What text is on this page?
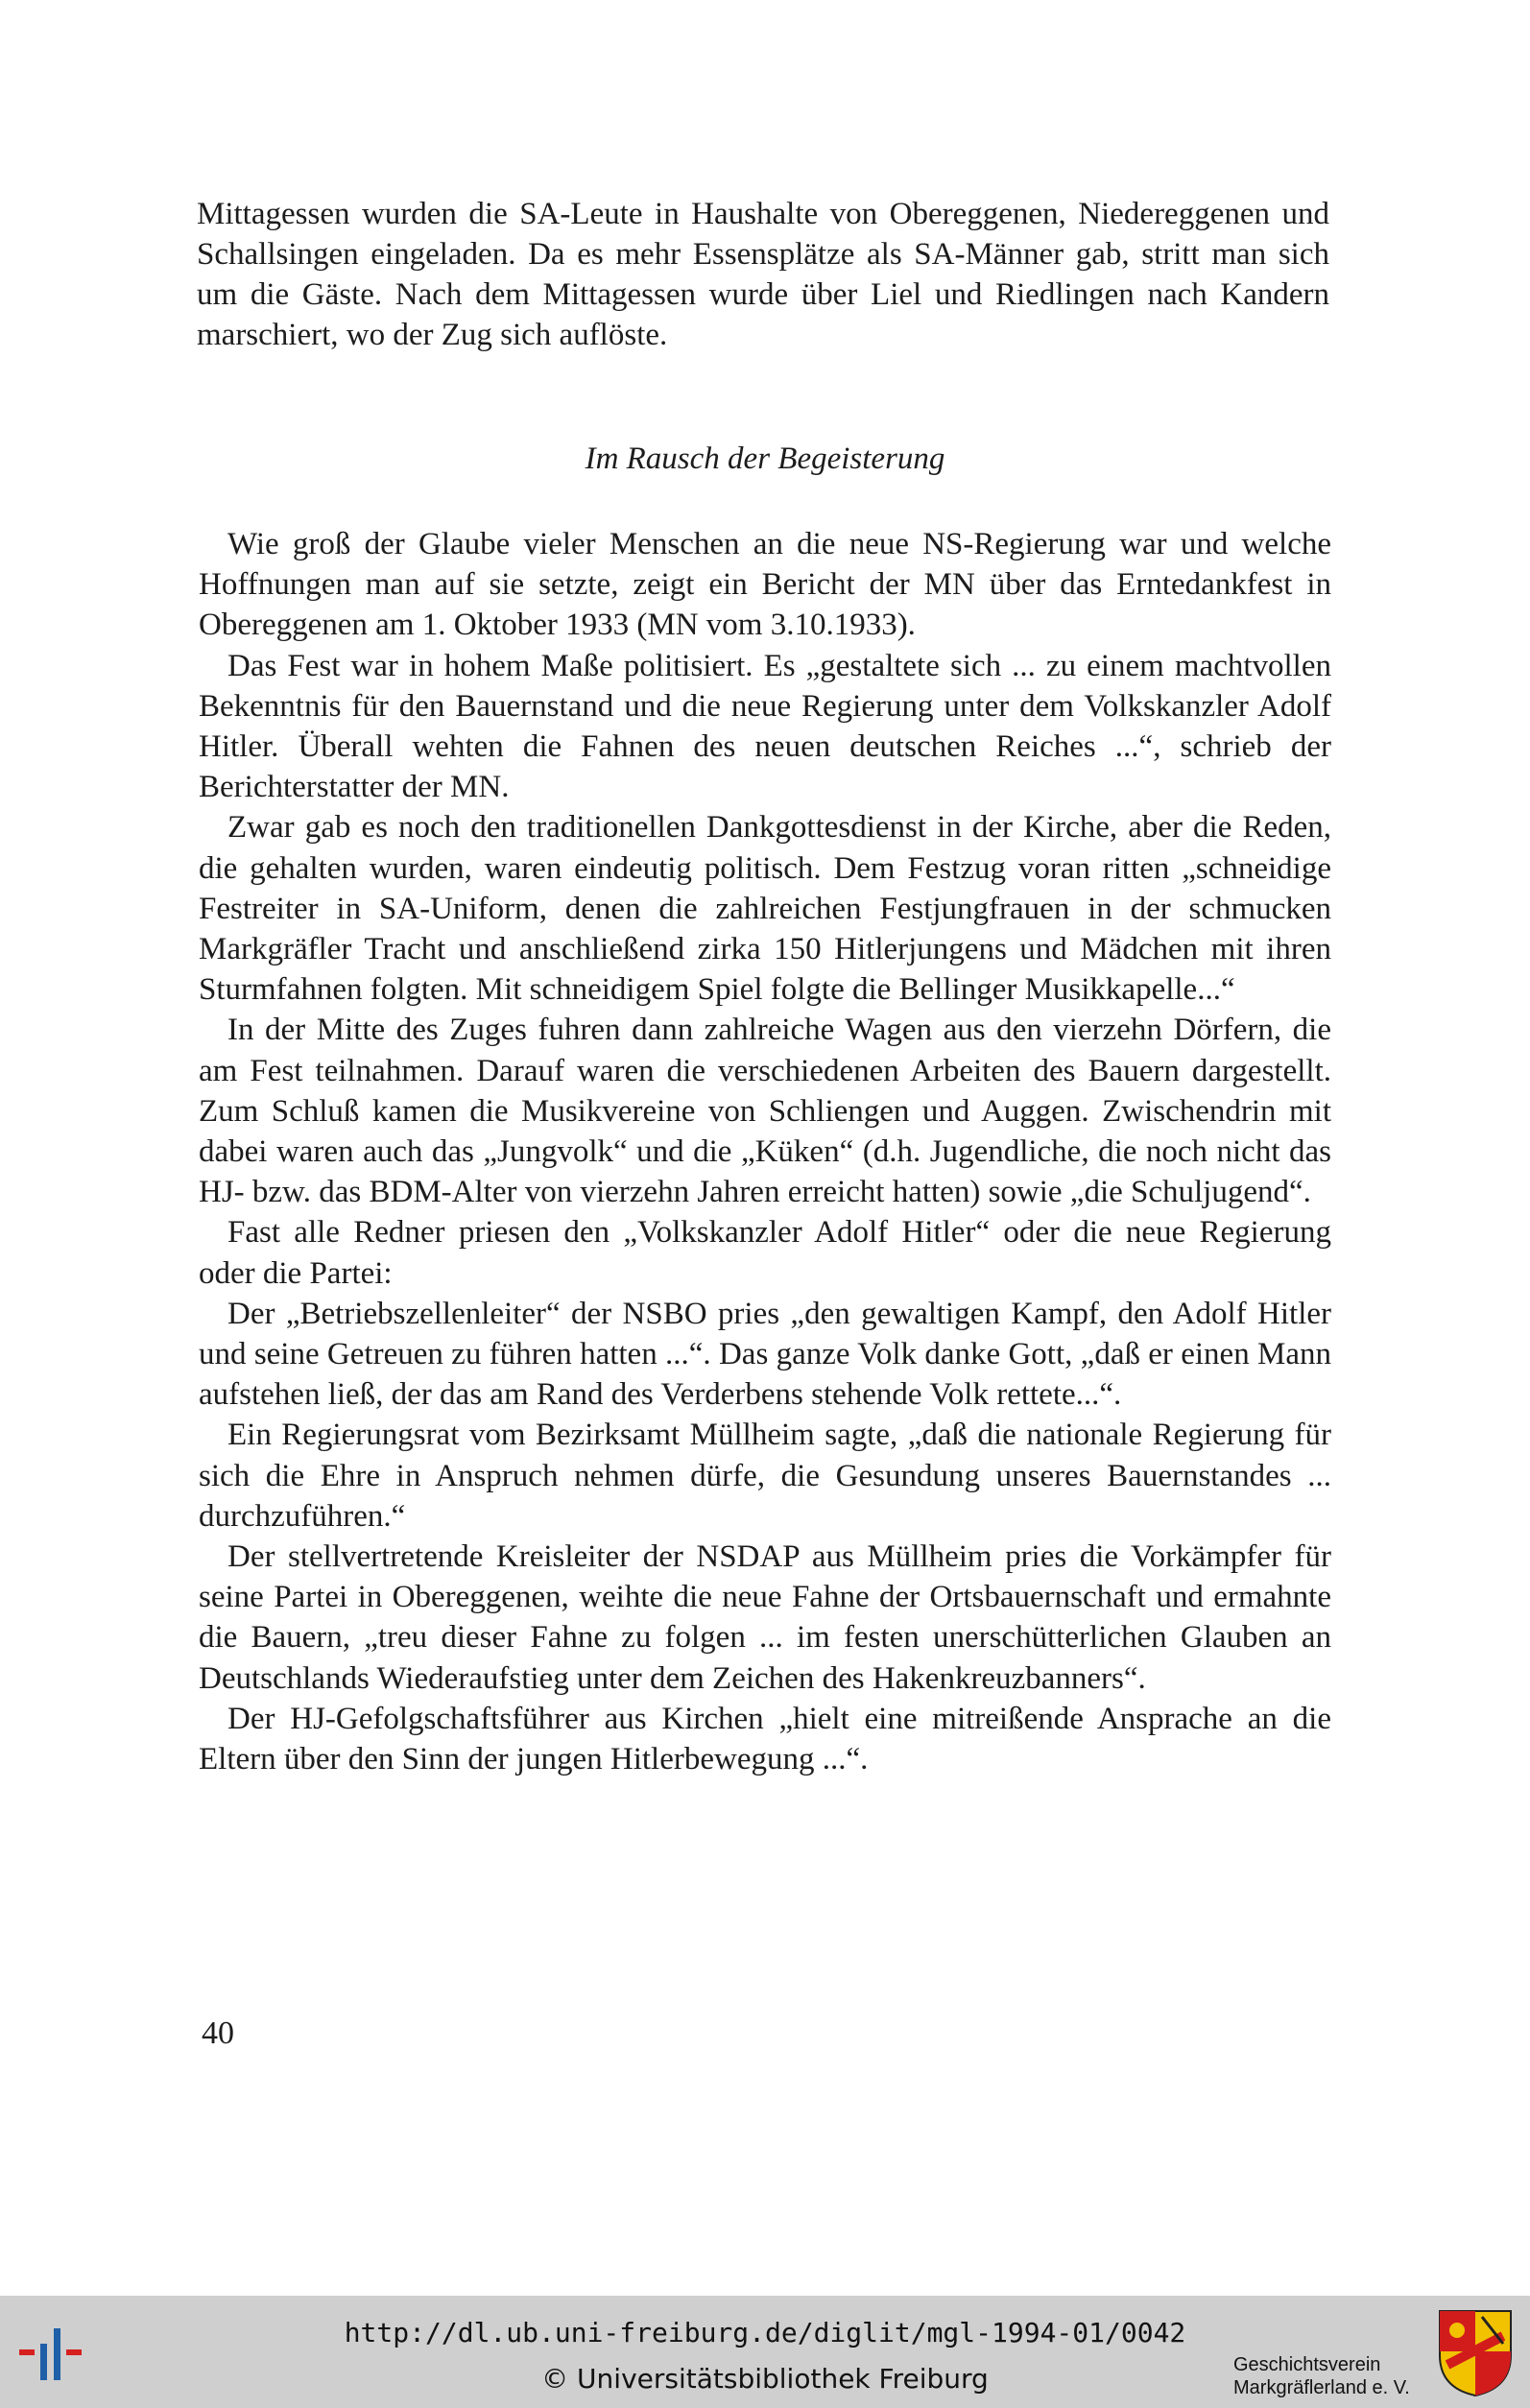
Mittagessen wurden die SA-Leute in Haushalte von Obereggenen, Niedereggenen und Schallsingen eingeladen. Da es mehr Essensplätze als SA-Männer gab, stritt man sich um die Gäste. Nach dem Mittagessen wurde über Liel und Riedlingen nach Kandern marschiert, wo der Zug sich auflöste.

Im Rausch der Begeisterung

Wie groß der Glaube vieler Menschen an die neue NS-Regierung war und welche Hoffnungen man auf sie setzte, zeigt ein Bericht der MN über das Erntedankfest in Obereggenen am 1. Oktober 1933 (MN vom 3.10.1933).

Das Fest war in hohem Maße politisiert. Es „gestaltete sich ... zu einem machtvollen Bekenntnis für den Bauernstand und die neue Regierung unter dem Volkskanzler Adolf Hitler. Überall wehten die Fahnen des neuen deutschen Reiches ...“, schrieb der Berichterstatter der MN.

Zwar gab es noch den traditionellen Dankgottesdienst in der Kirche, aber die Reden, die gehalten wurden, waren eindeutig politisch. Dem Festzug voran ritten „schneidige Festreiter in SA-Uniform, denen die zahlreichen Festjungfrauen in der schmucken Markgräfler Tracht und anschließend zirka 150 Hitlerjungens und Mädchen mit ihren Sturmfahnen folgten. Mit schneidigem Spiel folgte die Bellinger Musikkapelle...“

In der Mitte des Zuges fuhren dann zahlreiche Wagen aus den vierzehn Dörfern, die am Fest teilnahmen. Darauf waren die verschiedenen Arbeiten des Bauern dargestellt. Zum Schluß kamen die Musikvereine von Schliengen und Auggen. Zwischendrin mit dabei waren auch das „Jungvolk“ und die „Küken“ (d.h. Jugendliche, die noch nicht das HJ- bzw. das BDM-Alter von vierzehn Jahren erreicht hatten) sowie „die Schuljugend“.

Fast alle Redner priesen den „Volkskanzler Adolf Hitler“ oder die neue Regierung oder die Partei:

Der „Betriebszellenleiter“ der NSBO pries „den gewaltigen Kampf, den Adolf Hitler und seine Getreuen zu führen hatten ...“. Das ganze Volk danke Gott, „daß er einen Mann aufstehen ließ, der das am Rand des Verderbens stehende Volk rettete...“.

Ein Regierungsrat vom Bezirksamt Müllheim sagte, „daß die nationale Regierung für sich die Ehre in Anspruch nehmen dürfe, die Gesundung unseres Bauernstandes ... durchzuführen.“

Der stellvertretende Kreisleiter der NSDAP aus Müllheim pries die Vorkämpfer für seine Partei in Obereggenen, weihte die neue Fahne der Ortsbauernschaft und ermahnte die Bauern, „treu dieser Fahne zu folgen ... im festen unerschütterlichen Glauben an Deutschlands Wiederaufstieg unter dem Zeichen des Hakenkreuzbanners“.

Der HJ-Gefolgschaftsführer aus Kirchen „hielt eine mitreißende Ansprache an die Eltern über den Sinn der jungen Hitlerbewegung ...“.

40
http://dl.ub.uni-freiburg.de/diglit/mgl-1994-01/0042
© Universitätsbibliothek Freiburg	Geschichtsverein
Markgräflerland e. V.
